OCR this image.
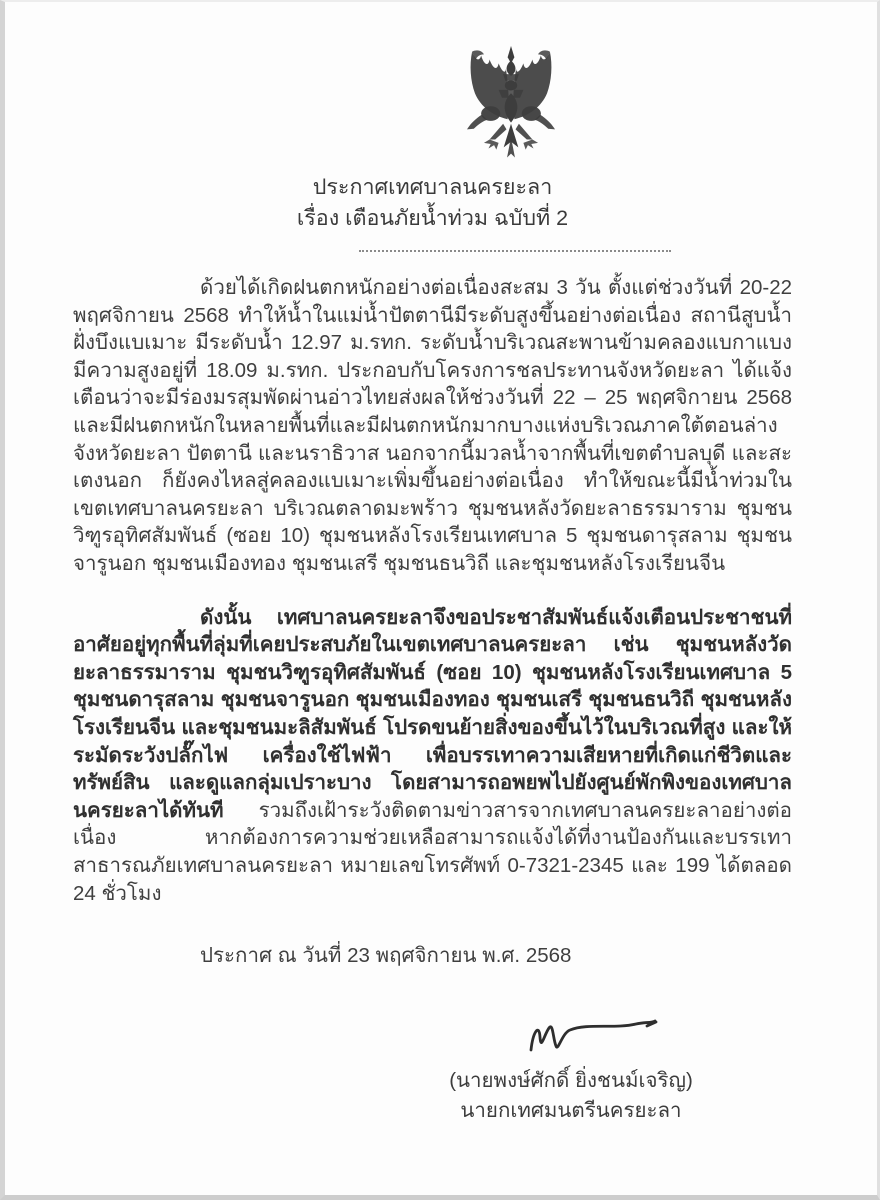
ประกาศเทศบาลนครยะลา
เรื่อง เตือนภัยน้ำท่วม ฉบับที่ 2

ด้วยได้เกิดฝนตกหนักอย่างต่อเนื่องสะสม 3 วัน ตั้งแต่ช่วงวันที่ 20-22 พฤศจิกายน 2568 ทำให้น้ำในแม่น้ำปัตตานีมีระดับสูงขึ้นอย่างต่อเนื่อง สถานีสูบน้ำฝั่งบึงแบเมาะ มีระดับน้ำ 12.97 ม.รทก. ระดับน้ำบริเวณสะพานข้ามคลองแบกาแบง มีความสูงอยู่ที่ 18.09 ม.รทก. ประกอบกับโครงการชลประทานจังหวัดยะลา ได้แจ้งเตือนว่าจะมีร่องมรสุมพัดผ่านอ่าวไทยส่งผลให้ช่วงวันที่ 22 – 25 พฤศจิกายน 2568 และมีฝนตกหนักในหลายพื้นที่และมีฝนตกหนักมากบางแห่งบริเวณภาคใต้ตอนล่างจังหวัดยะลา ปัตตานี และนราธิวาส นอกจากนี้มวลน้ำจากพื้นที่เขตตำบลบุดี และสะเตงนอก ก็ยังคงไหลสู่คลองแบเมาะเพิ่มขึ้นอย่างต่อเนื่อง ทำให้ขณะนี้มีน้ำท่วมในเขตเทศบาลนครยะลา บริเวณตลาดมะพร้าว ชุมชนหลังวัดยะลาธรรมาราม ชุมชนวิฑูรอุทิศสัมพันธ์ (ซอย 10) ชุมชนหลังโรงเรียนเทศบาล 5 ชุมชนดารุสลาม ชุมชนจารูนอก ชุมชนเมืองทอง ชุมชนเสรี ชุมชนธนวิถี และชุมชนหลังโรงเรียนจีน

ดังนั้น เทศบาลนครยะลาจึงขอประชาสัมพันธ์แจ้งเตือนประชาชนที่อาศัยอยู่ทุกพื้นที่ลุ่มที่เคยประสบภัยในเขตเทศบาลนครยะลา เช่น ชุมชนหลังวัดยะลาธรรมาราม ชุมชนวิฑูรอุทิศสัมพันธ์ (ซอย 10) ชุมชนหลังโรงเรียนเทศบาล 5 ชุมชนดารุสลาม ชุมชนจารูนอก ชุมชนเมืองทอง ชุมชนเสรี ชุมชนธนวิถี ชุมชนหลังโรงเรียนจีน และชุมชนมะลิสัมพันธ์ โปรดขนย้ายสิ่งของขึ้นไว้ในบริเวณที่สูง และให้ระมัดระวังปลั๊กไฟ เครื่องใช้ไฟฟ้า เพื่อบรรเทาความเสียหายที่เกิดแก่ชีวิตและทรัพย์สิน และดูแลกลุ่มเปราะบาง โดยสามารถอพยพไปยังศูนย์พักพิงของเทศบาลนครยะลาได้ทันที รวมถึงเฝ้าระวังติดตามข่าวสารจากเทศบาลนครยะลาอย่างต่อเนื่อง หากต้องการความช่วยเหลือสามารถแจ้งได้ที่งานป้องกันและบรรเทาสาธารณภัยเทศบาลนครยะลา หมายเลขโทรศัพท์ 0-7321-2345 และ 199 ได้ตลอด 24 ชั่วโมง

ประกาศ ณ วันที่ 23 พฤศจิกายน พ.ศ. 2568
(นายพงษ์ศักดิ์ ยิ่งชนม์เจริญ)
นายกเทศมนตรีนครยะลา
